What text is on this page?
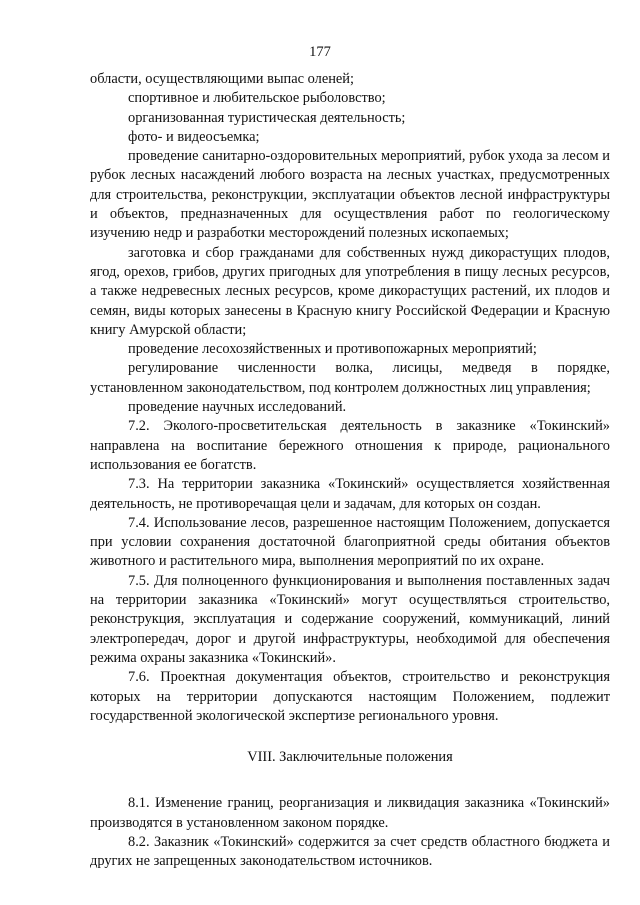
177

области, осуществляющими выпас оленей;

спортивное и любительское рыболовство;

организованная туристическая деятельность;

фото- и видеосъемка;

проведение санитарно-оздоровительных мероприятий, рубок ухода за лесом и рубок лесных насаждений любого возраста на лесных участках, предусмотренных для строительства, реконструкции, эксплуатации объектов лесной инфраструктуры и объектов, предназначенных для осуществления работ по геологическому изучению недр и разработки месторождений полезных ископаемых;

заготовка и сбор гражданами для собственных нужд дикорастущих плодов, ягод, орехов, грибов, других пригодных для употребления в пищу лесных ресурсов, а также недревесных лесных ресурсов, кроме дикорастущих растений, их плодов и семян, виды которых занесены в Красную книгу Российской Федерации и Красную книгу Амурской области;

проведение лесохозяйственных и противопожарных мероприятий;

регулирование численности волка, лисицы, медведя в порядке, установленном законодательством, под контролем должностных лиц управления;

проведение научных исследований.

7.2. Эколого-просветительская деятельность в заказнике «Токинский» направлена на воспитание бережного отношения к природе, рационального использования ее богатств.

7.3. На территории заказника «Токинский» осуществляется хозяйственная деятельность, не противоречащая цели и задачам, для которых он создан.

7.4. Использование лесов, разрешенное настоящим Положением, допускается при условии сохранения достаточной благоприятной среды обитания объектов животного и растительного мира, выполнения мероприятий по их охране.

7.5. Для полноценного функционирования и выполнения поставленных задач на территории заказника «Токинский» могут осуществляться строительство, реконструкция, эксплуатация и содержание сооружений, коммуникаций, линий электропередач, дорог и другой инфраструктуры, необходимой для обеспечения режима охраны заказника «Токинский».

7.6. Проектная документация объектов, строительство и реконструкция которых на территории допускаются настоящим Положением, подлежит государственной экологической экспертизе регионального уровня.

VIII. Заключительные положения

8.1. Изменение границ, реорганизация и ликвидация заказника «Токинский» производятся в установленном законом порядке.

8.2. Заказник «Токинский» содержится за счет средств областного бюджета и других не запрещенных законодательством источников.
